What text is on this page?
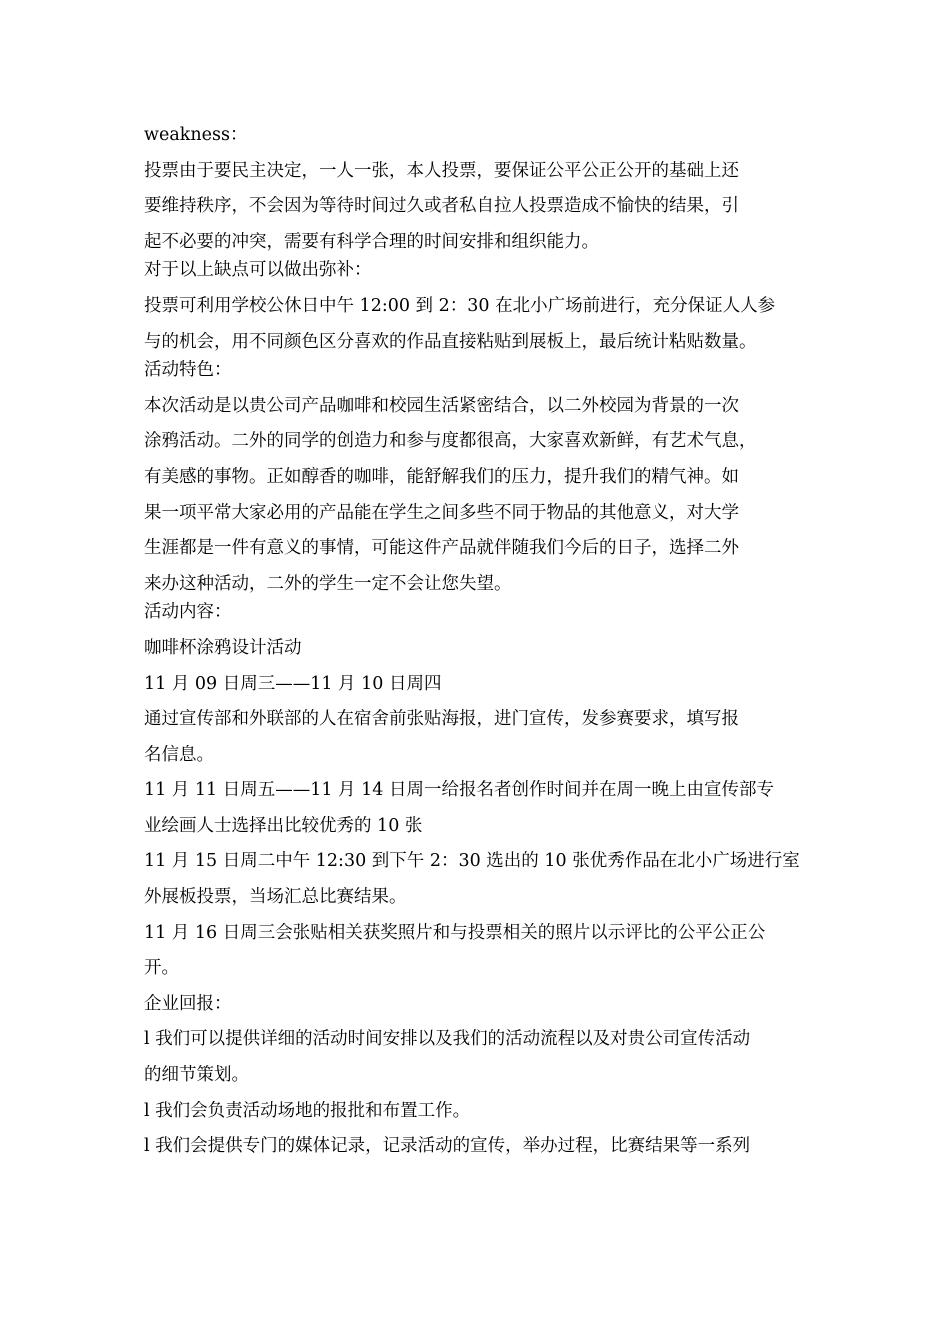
weakness：

投票由于要民主决定，一人一张，本人投票，要保证公平公正公开的基础上还

要维持秩序，不会因为等待时间过久或者私自拉人投票造成不愉快的结果，引

起不必要的冲突，需要有科学合理的时间安排和组织能力。

对于以上缺点可以做出弥补：

投票可利用学校公休日中午 12:00 到 2：30 在北小广场前进行，充分保证人人参

与的机会，用不同颜色区分喜欢的作品直接粘贴到展板上，最后统计粘贴数量。

活动特色：

本次活动是以贵公司产品咖啡和校园生活紧密结合，以二外校园为背景的一次

涂鸦活动。二外的同学的创造力和参与度都很高，大家喜欢新鲜，有艺术气息，

有美感的事物。正如醇香的咖啡，能舒解我们的压力，提升我们的精气神。如

果一项平常大家必用的产品能在学生之间多些不同于物品的其他意义，对大学

生涯都是一件有意义的事情，可能这件产品就伴随我们今后的日子，选择二外

来办这种活动，二外的学生一定不会让您失望。

活动内容：

咖啡杯涂鸦设计活动

11 月 09 日周三——11 月 10 日周四

通过宣传部和外联部的人在宿舍前张贴海报，进门宣传，发参赛要求，填写报

名信息。

11 月 11 日周五——11 月 14 日周一给报名者创作时间并在周一晚上由宣传部专

业绘画人士选择出比较优秀的 10 张

11 月 15 日周二中午 12:30 到下午 2：30 选出的 10 张优秀作品在北小广场进行室

外展板投票，当场汇总比赛结果。

11 月 16 日周三会张贴相关获奖照片和与投票相关的照片以示评比的公平公正公

开。

企业回报：

l 我们可以提供详细的活动时间安排以及我们的活动流程以及对贵公司宣传活动

的细节策划。

l 我们会负责活动场地的报批和布置工作。

l 我们会提供专门的媒体记录，记录活动的宣传，举办过程，比赛结果等一系列
